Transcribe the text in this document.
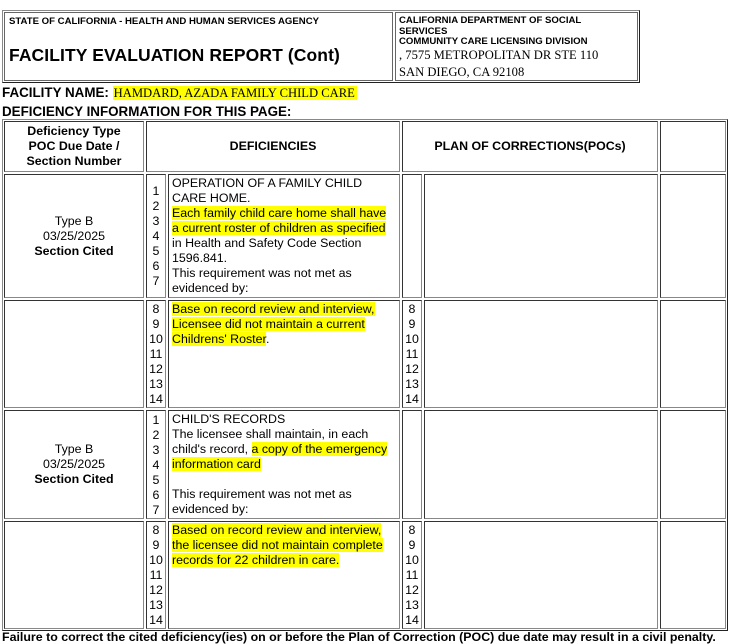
STATE OF CALIFORNIA - HEALTH AND HUMAN SERVICES AGENCY
FACILITY EVALUATION REPORT (Cont)
CALIFORNIA DEPARTMENT OF SOCIAL
SERVICES
COMMUNITY CARE LICENSING DIVISION
, 7575 METROPOLITAN DR STE 110
SAN DIEGO, CA 92108
FACILITY NAME: HAMDARD, AZADA FAMILY CHILD CARE
DEFICIENCY INFORMATION FOR THIS PAGE:
Deficiency Type
POC Due Date /
Section Number
DEFICIENCIES	PLAN OF CORRECTIONS(POCs)
Type B
03/25/2025
Section Cited
1
2
3
4
5
6
7
OPERATION OF A FAMILY CHILD
CARE HOME.
Each family child care home shall have
a current roster of children as specified
in Health and Safety Code Section
1596.841.
This requirement was not met as
evidenced by:
8
9
10
11
12
13
14
Base on record review and interview,
Licensee did not maintain a current
Childrens' Roster.
8
9
10
11
12
13
14
Type B
03/25/2025
Section Cited
1
2
3
4
5
6
7
CHILD'S RECORDS
The licensee shall maintain, in each
child's record, a copy of the emergency
information card
This requirement was not met as
evidenced by:
8
9
10
11
12
13
14
Based on record review and interview,
the licensee did not maintain complete
records for 22 children in care.
8
9
10
11
12
13
14
Failure to correct the cited deficiency(ies) on or before the Plan of Correction (POC) due date may result in a civil penalty.
